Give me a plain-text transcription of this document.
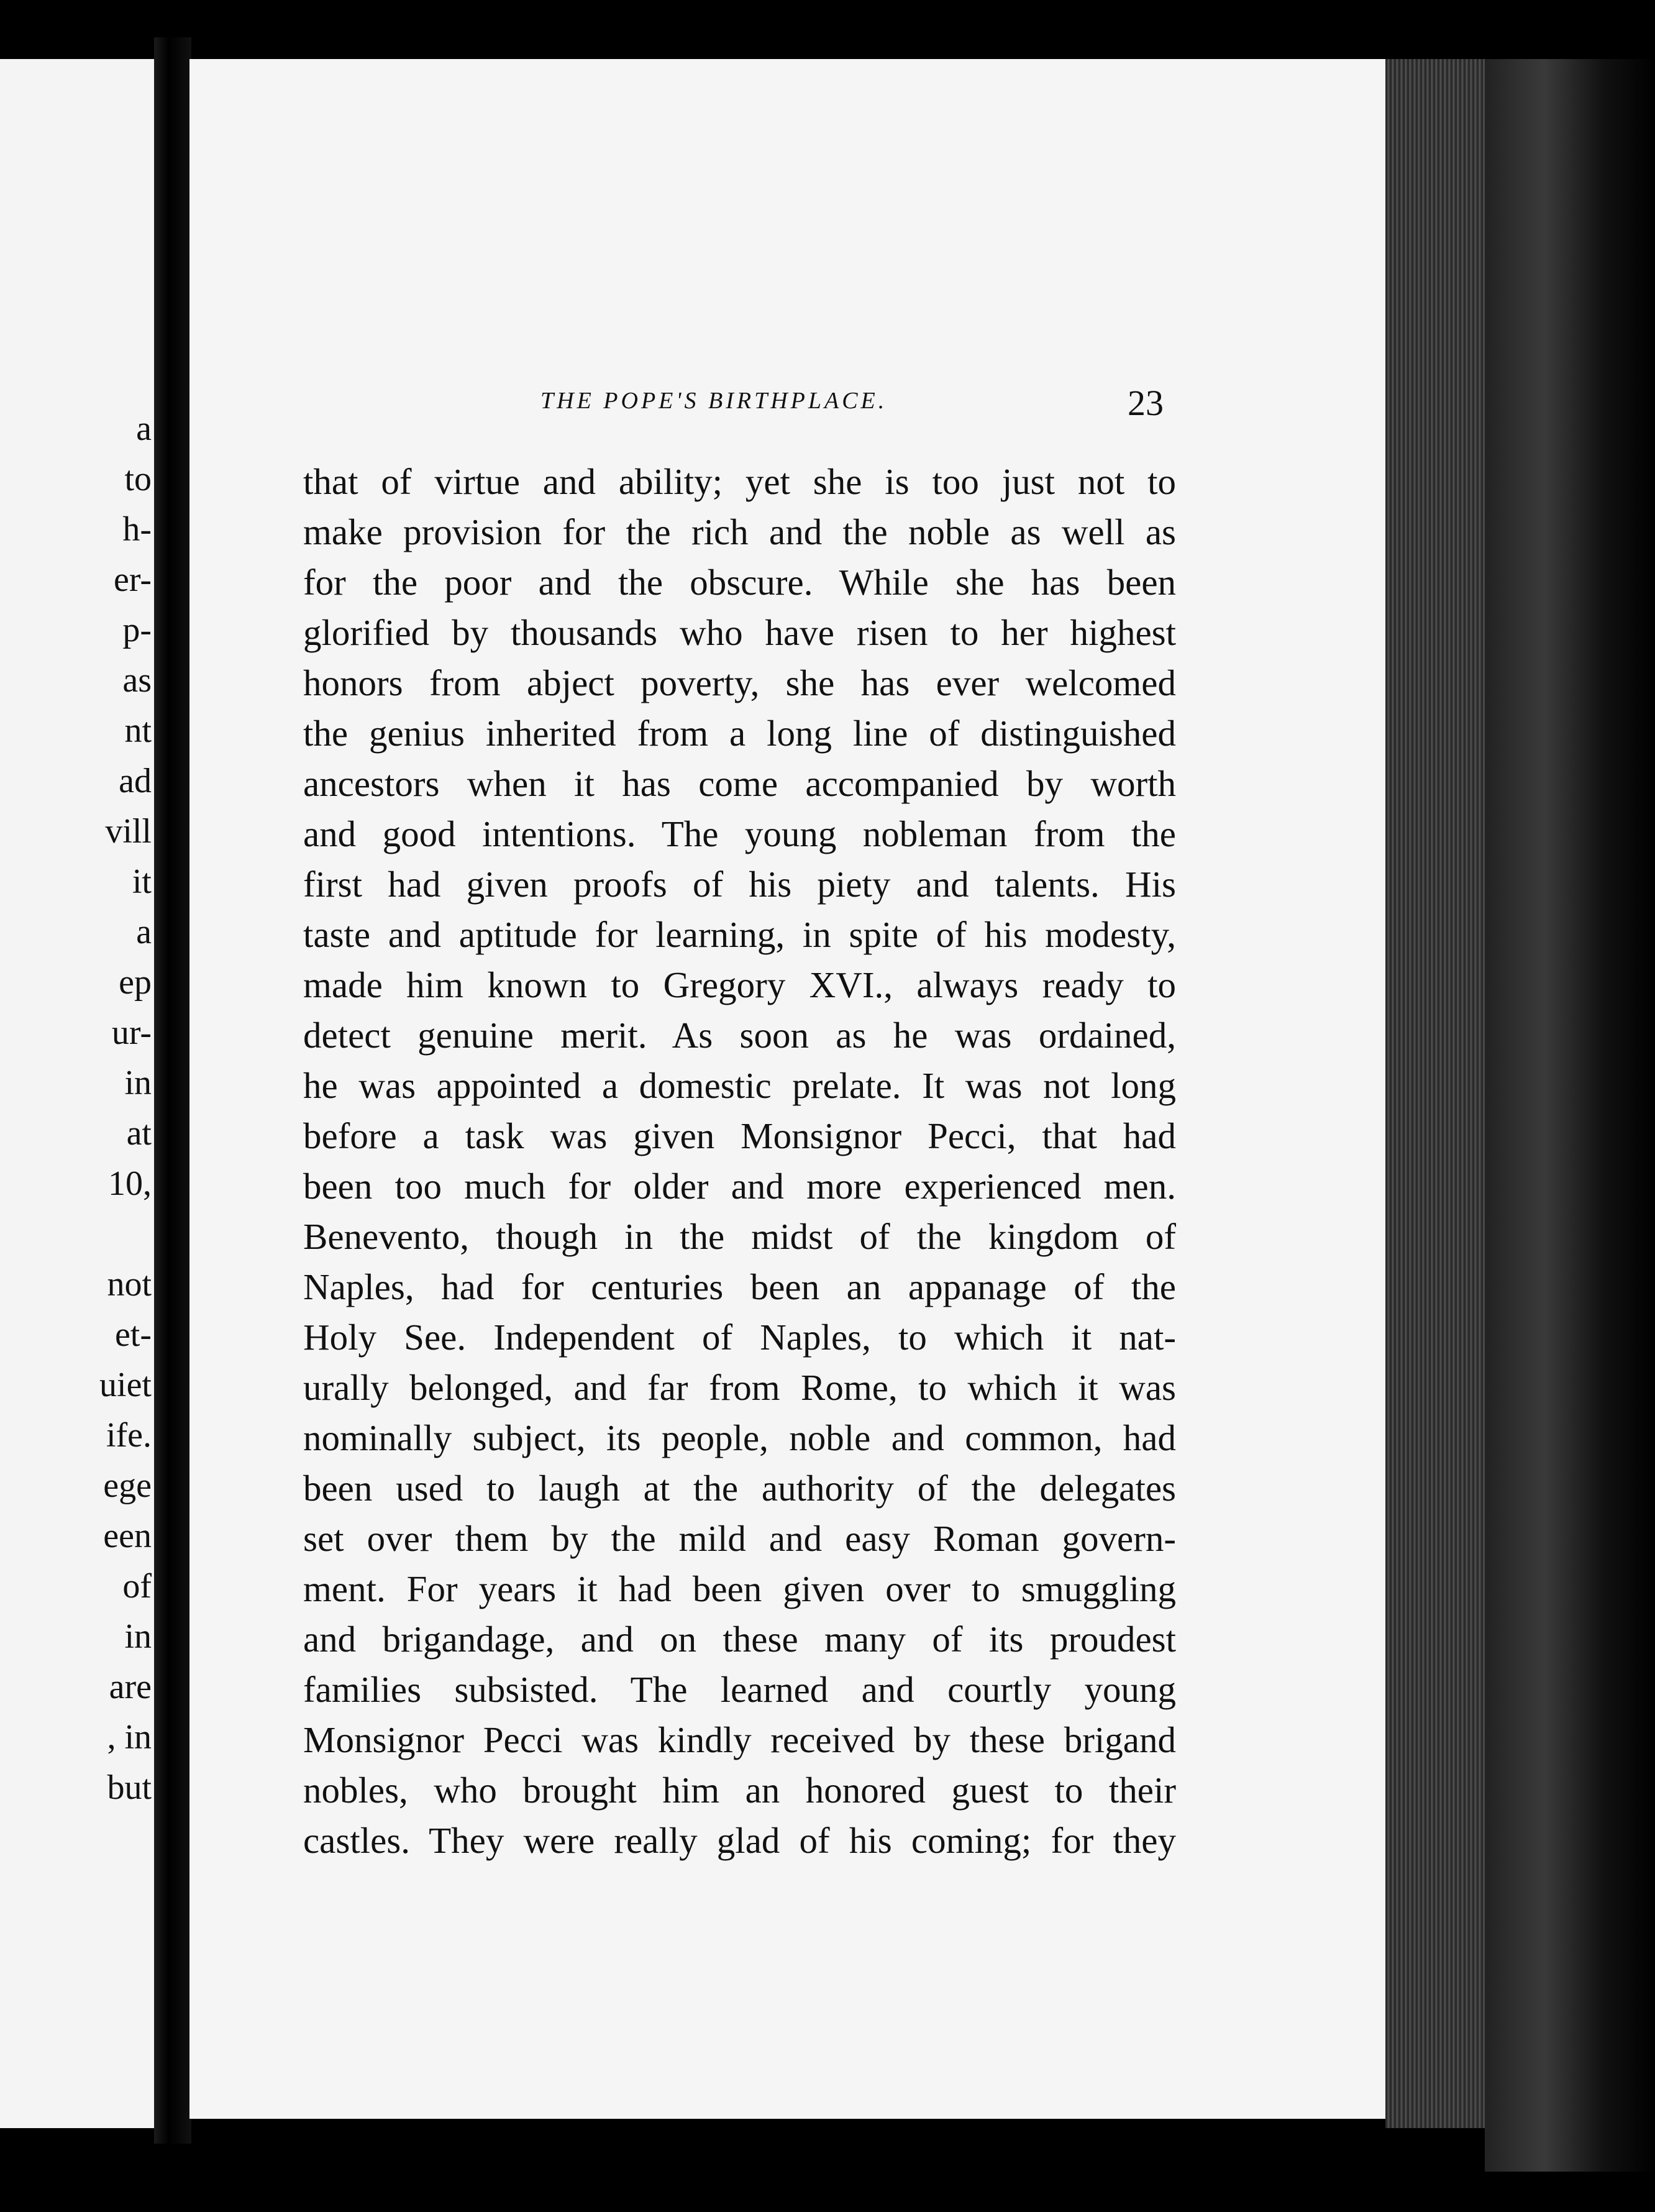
a
to
h-
er-
p-
as
nt
ad
vill
it
a
ep
ur-
in
at
10,
not
et-
uiet
ife.
ege
een
of
in
are
, in
but
THE POPE'S BIRTHPLACE.	23
that of virtue and ability; yet she is too just not to
make provision for the rich and the noble as well as
for the poor and the obscure. While she has been
glorified by thousands who have risen to her highest
honors from abject poverty, she has ever welcomed
the genius inherited from a long line of distinguished
ancestors when it has come accompanied by worth
and good intentions. The young nobleman from the
first had given proofs of his piety and talents. His
taste and aptitude for learning, in spite of his modesty,
made him known to Gregory XVI., always ready to
detect genuine merit. As soon as he was ordained,
he was appointed a domestic prelate. It was not long
before a task was given Monsignor Pecci, that had
been too much for older and more experienced men.
Benevento, though in the midst of the kingdom of
Naples, had for centuries been an appanage of the
Holy See. Independent of Naples, to which it nat-
urally belonged, and far from Rome, to which it was
nominally subject, its people, noble and common, had
been used to laugh at the authority of the delegates
set over them by the mild and easy Roman govern-
ment. For years it had been given over to smuggling
and brigandage, and on these many of its proudest
families subsisted. The learned and courtly young
Monsignor Pecci was kindly received by these brigand
nobles, who brought him an honored guest to their
castles. They were really glad of his coming; for they
